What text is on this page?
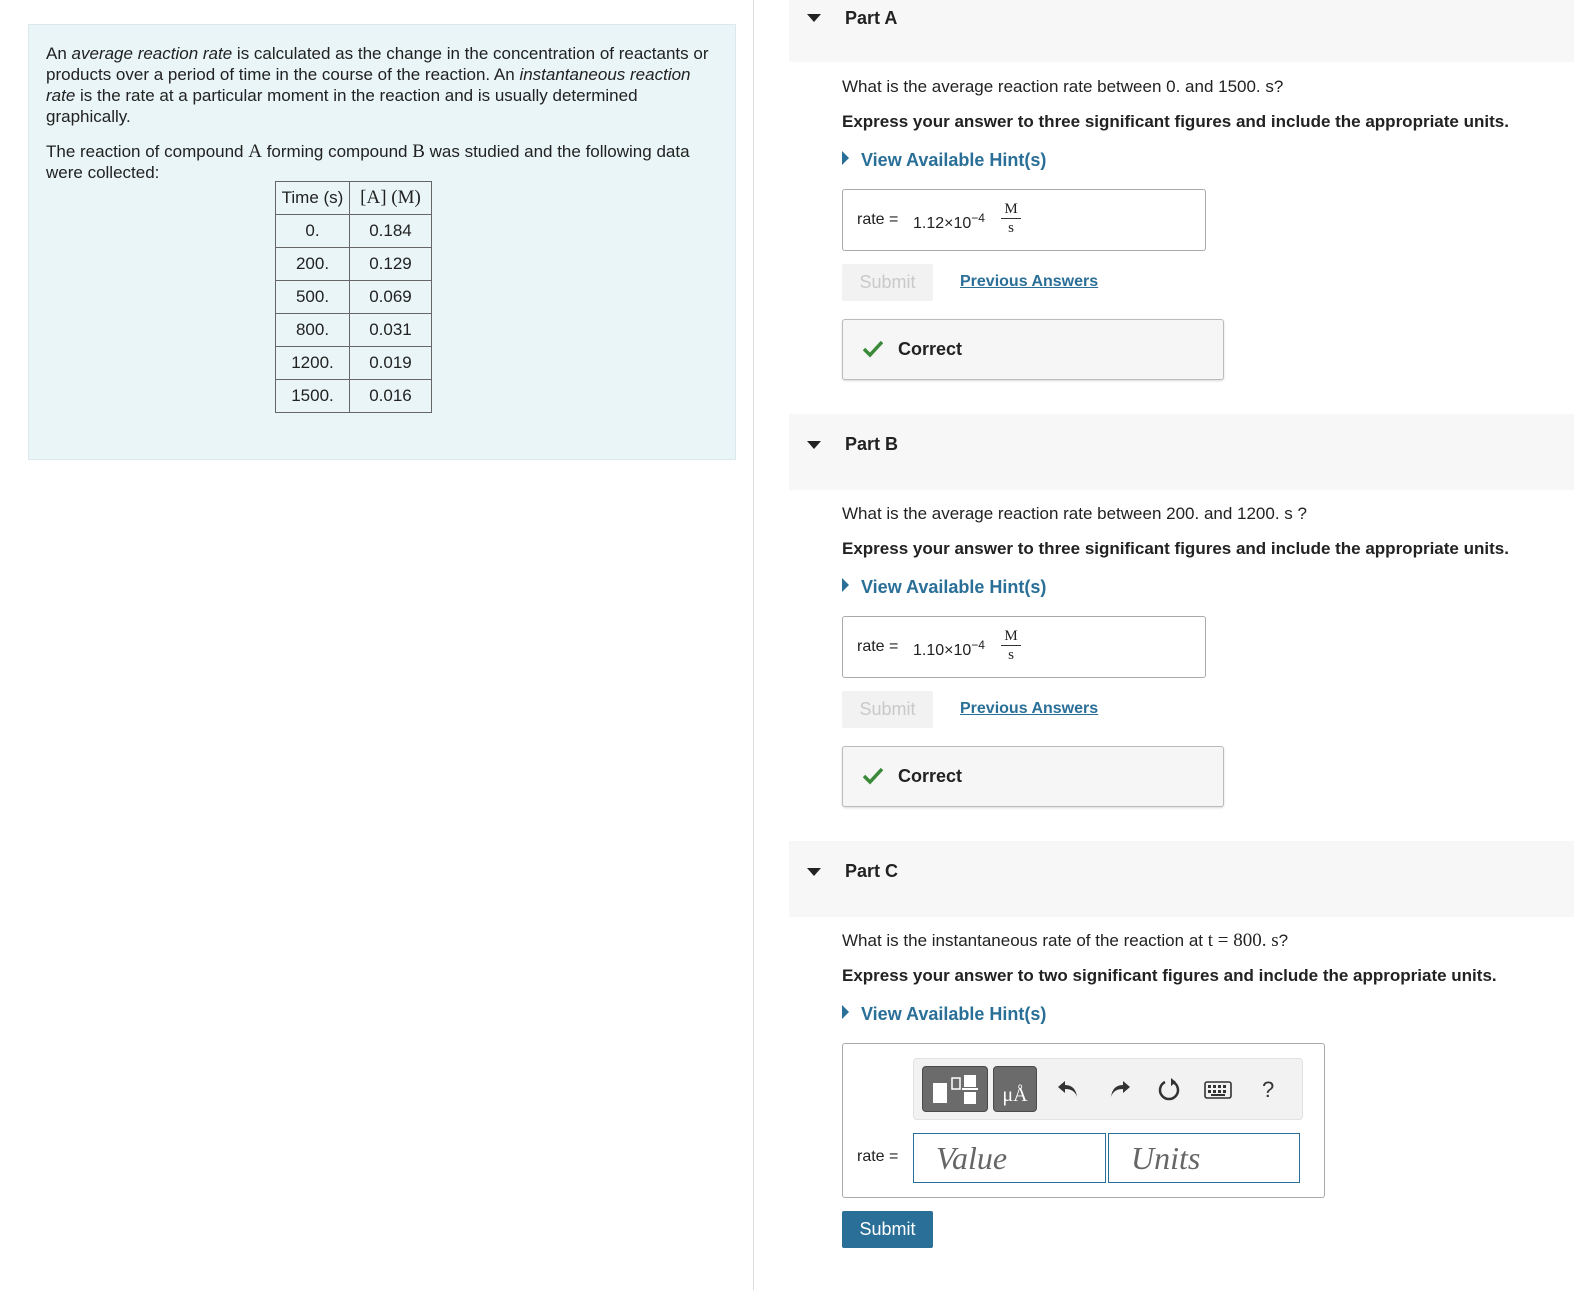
An average reaction rate is calculated as the change in the concentration of reactants or products over a period of time in the course of the reaction. An instantaneous reaction rate is the rate at a particular moment in the reaction and is usually determined graphically.

The reaction of compound A forming compound B was studied and the following data were collected:

Time (s)	[A] (M)
0.	0.184
200.	0.129
500.	0.069
800.	0.031
1200.	0.019
1500.	0.016
Part A
What is the average reaction rate between 0. and 1500. s?
Express your answer to three significant figures and include the appropriate units.
View Available Hint(s)
rate = $1.12\times 10^{-4} \frac{M}{s}$
Submit	Previous Answers
Correct
Part B
What is the average reaction rate between 200. and 1200. s ?
Express your answer to three significant figures and include the appropriate units.
View Available Hint(s)
rate = $1.10\times 10^{-4} \frac{M}{s}$
Submit	Previous Answers
Correct
Part C
What is the instantaneous rate of the reaction at t = 800. s?
Express your answer to two significant figures and include the appropriate units.
View Available Hint(s)
μÅ	?
rate =	Value	Units
Submit
